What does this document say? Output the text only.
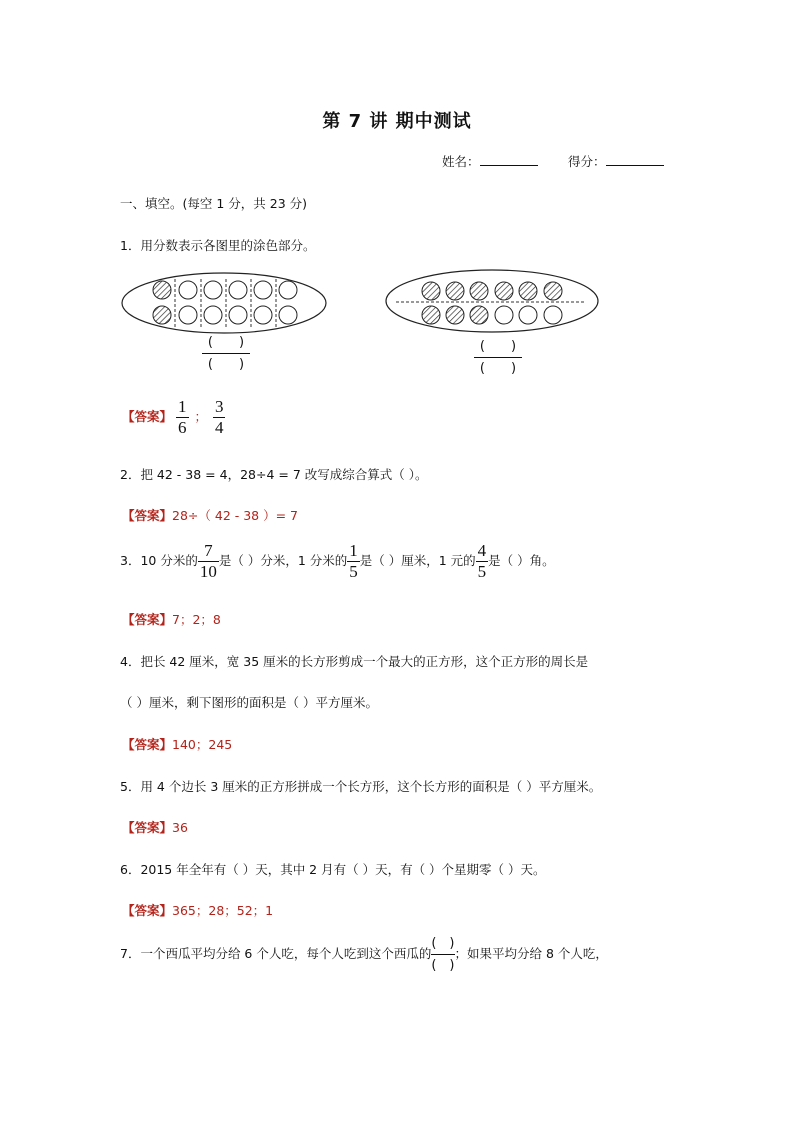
第 7 讲 期中测试
姓名：	得分：
一、填空。(每空 1 分，共 23 分)
1．用分数表示各图里的涂色部分。
(　　)
(　　)
(　　)
(　　)
【答案】 $\frac{1}{6}$ ； $\frac{3}{4}$
2．把 42 - 38 = 4，28÷4 = 7 改写成综合算式（ ）。
【答案】28÷（ 42 - 38 ）= 7
3．10 分米的 $\frac{7}{10}$ 是（ ）分米，1 分米的 $\frac{1}{5}$ 是（ ）厘米，1 元的 $\frac{4}{5}$ 是（ ）角。
【答案】7；2；8
4．把长 42 厘米，宽 35 厘米的长方形剪成一个最大的正方形，这个正方形的周长是
（ ）厘米，剩下图形的面积是（ ）平方厘米。
【答案】140；245
5．用 4 个边长 3 厘米的正方形拼成一个长方形，这个长方形的面积是（ ）平方厘米。
【答案】36
6．2015 年全年有（ ）天，其中 2 月有（ ）天，有（ ）个星期零（ ）天。
【答案】365；28；52；1
7．一个西瓜平均分给 6 个人吃，每个人吃到这个西瓜的
(　)
(　)
；如果平均分给 8 个人吃，
